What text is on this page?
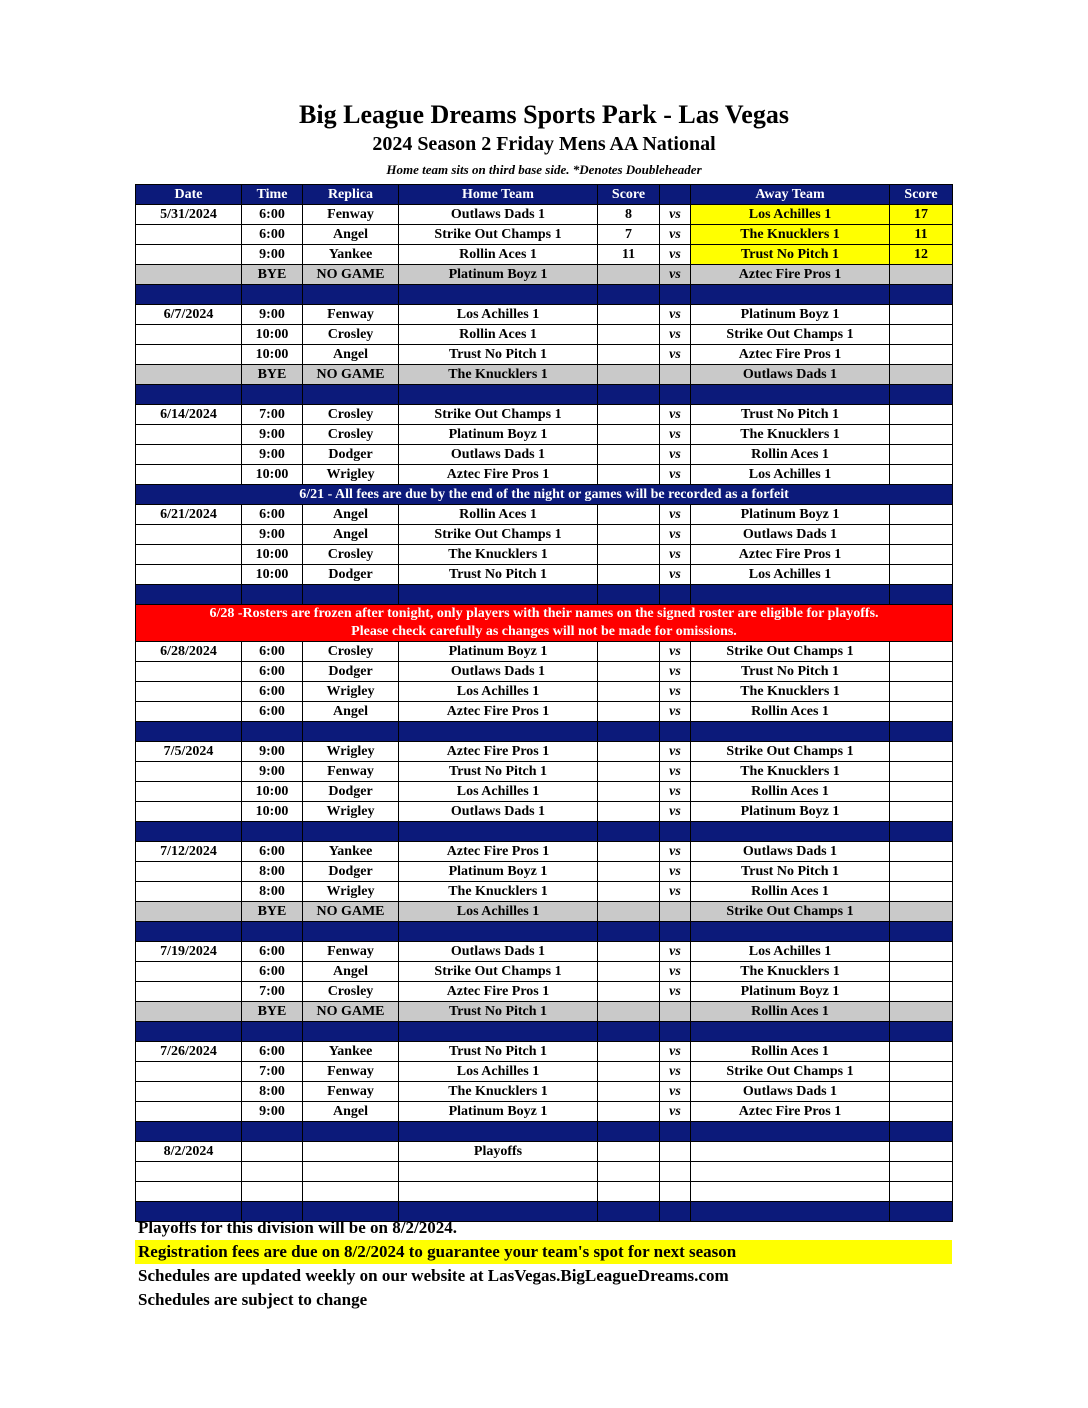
Big League Dreams Sports Park - Las Vegas
2024 Season 2 Friday Mens AA National
Home team sits on third base side. *Denotes Doubleheader
Date	Time	Replica	Home Team	Score		Away Team	Score
5/31/2024	6:00	Fenway	Outlaws Dads 1	8	vs	Los Achilles 1	17
	6:00	Angel	Strike Out Champs 1	7	vs	The Knucklers 1	11
	9:00	Yankee	Rollin Aces 1	11	vs	Trust No Pitch 1	12
	BYE	NO GAME	Platinum Boyz 1		vs	Aztec Fire Pros 1	

6/7/2024	9:00	Fenway	Los Achilles 1		vs	Platinum Boyz 1	
	10:00	Crosley	Rollin Aces 1		vs	Strike Out Champs 1	
	10:00	Angel	Trust No Pitch 1		vs	Aztec Fire Pros 1	
	BYE	NO GAME	The Knucklers 1			Outlaws Dads 1	

6/14/2024	7:00	Crosley	Strike Out Champs 1		vs	Trust No Pitch 1	
	9:00	Crosley	Platinum Boyz 1		vs	The Knucklers 1	
	9:00	Dodger	Outlaws Dads 1		vs	Rollin Aces 1	
	10:00	Wrigley	Aztec Fire Pros 1		vs	Los Achilles 1	
6/21 - All fees are due by the end of the night or games will be recorded as a forfeit							
6/21/2024	6:00	Angel	Rollin Aces 1		vs	Platinum Boyz 1	
	9:00	Angel	Strike Out Champs 1		vs	Outlaws Dads 1	
	10:00	Crosley	The Knucklers 1		vs	Aztec Fire Pros 1	
	10:00	Dodger	Trust No Pitch 1		vs	Los Achilles 1	

6/28 -Rosters are frozen after tonight, only players with their names on the signed roster are eligible for playoffs.
Please check carefully as changes will not be made for omissions.							

6/28/2024	6:00	Crosley	Platinum Boyz 1		vs	Strike Out Champs 1	
	6:00	Dodger	Outlaws Dads 1		vs	Trust No Pitch 1	
	6:00	Wrigley	Los Achilles 1		vs	The Knucklers 1	
	6:00	Angel	Aztec Fire Pros 1		vs	Rollin Aces 1	

7/5/2024	9:00	Wrigley	Aztec Fire Pros 1		vs	Strike Out Champs 1	
	9:00	Fenway	Trust No Pitch 1		vs	The Knucklers 1	
	10:00	Dodger	Los Achilles 1		vs	Rollin Aces 1	
	10:00	Wrigley	Outlaws Dads 1		vs	Platinum Boyz 1	

7/12/2024	6:00	Yankee	Aztec Fire Pros 1		vs	Outlaws Dads 1	
	8:00	Dodger	Platinum Boyz 1		vs	Trust No Pitch 1	
	8:00	Wrigley	The Knucklers 1		vs	Rollin Aces 1	
	BYE	NO GAME	Los Achilles 1			Strike Out Champs 1	

7/19/2024	6:00	Fenway	Outlaws Dads 1		vs	Los Achilles 1	
	6:00	Angel	Strike Out Champs 1		vs	The Knucklers 1	
	7:00	Crosley	Aztec Fire Pros 1		vs	Platinum Boyz 1	
	BYE	NO GAME	Trust No Pitch 1			Rollin Aces 1	

7/26/2024	6:00	Yankee	Trust No Pitch 1		vs	Rollin Aces 1	
	7:00	Fenway	Los Achilles 1		vs	Strike Out Champs 1	
	8:00	Fenway	The Knucklers 1		vs	Outlaws Dads 1	
	9:00	Angel	Platinum Boyz 1		vs	Aztec Fire Pros 1	

8/2/2024			Playoffs				

Playoffs for this division will be on 8/2/2024.
Registration fees are due on 8/2/2024 to guarantee your team's spot for next season
Schedules are updated weekly on our website at LasVegas.BigLeagueDreams.com
Schedules are subject to change
